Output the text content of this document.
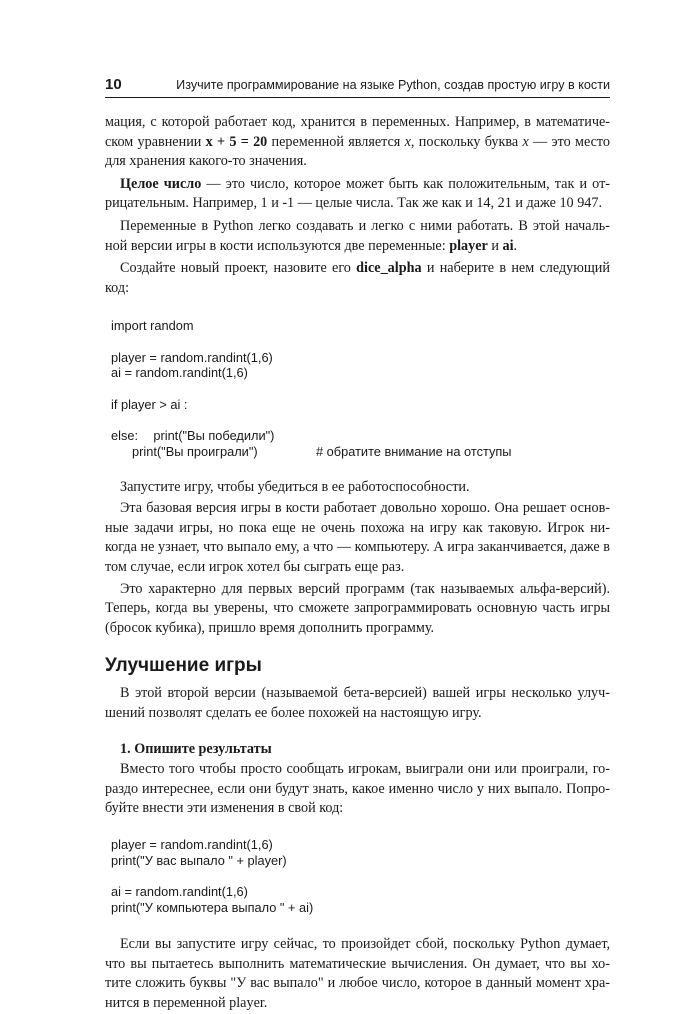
10	Изучите программирование на языке Python, создав простую игру в кости

мация, с которой работает код, хранится в переменных. Например, в математиче-ском уравнении x + 5 = 20 переменной является x, поскольку буква x — это место для хранения какого-то значения.

Целое число — это число, которое может быть как положительным, так и от-рицательным. Например, 1 и -1 — целые числа. Так же как и 14, 21 и даже 10 947.

Переменные в Python легко создавать и легко с ними работать. В этой началь-ной версии игры в кости используются две переменные: player и ai.

Создайте новый проект, назовите его dice_alpha и наберите в нем следующий код:

import random
player = random.randint(1,6)
ai = random.randint(1,6)
if player > ai :

print("Вы победили")

# обратите внимание на отступы

else:
print("Вы проиграли")

Запустите игру, чтобы убедиться в ее работоспособности.

Эта базовая версия игры в кости работает довольно хорошо. Она решает основ-ные задачи игры, но пока еще не очень похожа на игру как таковую. Игрок ни-когда не узнает, что выпало ему, а что — компьютеру. А игра заканчивается, даже в том случае, если игрок хотел бы сыграть еще раз.

Это характерно для первых версий программ (так называемых альфа-версий). Теперь, когда вы уверены, что сможете запрограммировать основную часть игры (бросок кубика), пришло время дополнить программу.

Улучшение игры

В этой второй версии (называемой бета-версией) вашей игры несколько улуч-шений позволят сделать ее более похожей на настоящую игру.

1. Опишите результаты

Вместо того чтобы просто сообщать игрокам, выиграли они или проиграли, го-раздо интереснее, если они будут знать, какое именно число у них выпало. Попро-буйте внести эти изменения в свой код:

player = random.randint(1,6)
print("У вас выпало " + player)
ai = random.randint(1,6)
print("У компьютера выпало " + ai)

Если вы запустите игру сейчас, то произойдет сбой, поскольку Python думает, что вы пытаетесь выполнить математические вычисления. Он думает, что вы хо-тите сложить буквы "У вас выпало" и любое число, которое в данный момент хра-нится в переменной player.
